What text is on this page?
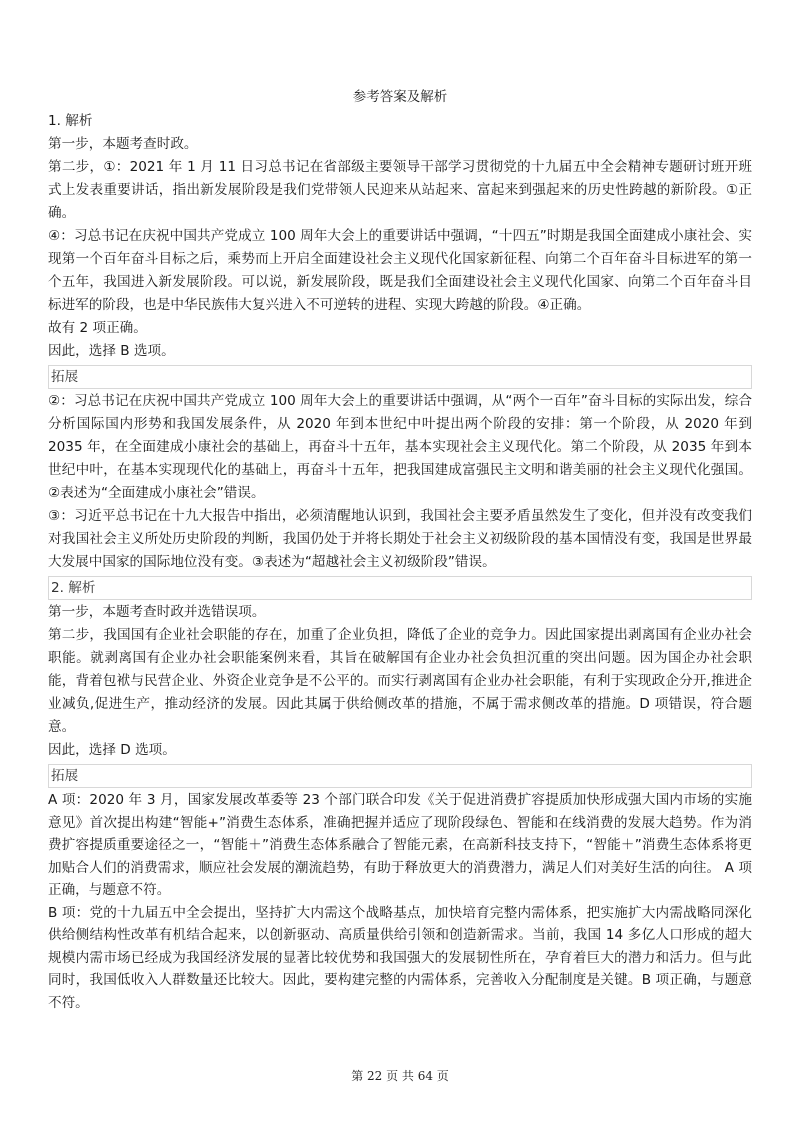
参考答案及解析

1. 解析

第一步，本题考查时政。

第二步，①：2021 年 1 月 11 日习总书记在省部级主要领导干部学习贯彻党的十九届五中全会精神专题研讨班开班式上发表重要讲话，指出新发展阶段是我们党带领人民迎来从站起来、富起来到强起来的历史性跨越的新阶段。①正确。

④：习总书记在庆祝中国共产党成立 100 周年大会上的重要讲话中强调，“十四五”时期是我国全面建成小康社会、实现第一个百年奋斗目标之后，乘势而上开启全面建设社会主义现代化国家新征程、向第二个百年奋斗目标进军的第一个五年，我国进入新发展阶段。可以说，新发展阶段，既是我们全面建设社会主义现代化国家、向第二个百年奋斗目标进军的阶段，也是中华民族伟大复兴进入不可逆转的进程、实现大跨越的阶段。④正确。

故有 2 项正确。

因此，选择 B 选项。

拓展

②：习总书记在庆祝中国共产党成立 100 周年大会上的重要讲话中强调，从“两个一百年”奋斗目标的实际出发，综合分析国际国内形势和我国发展条件，从 2020 年到本世纪中叶提出两个阶段的安排：第一个阶段，从 2020 年到 2035 年，在全面建成小康社会的基础上，再奋斗十五年，基本实现社会主义现代化。第二个阶段，从 2035 年到本世纪中叶，在基本实现现代化的基础上，再奋斗十五年，把我国建成富强民主文明和谐美丽的社会主义现代化强国。②表述为“全面建成小康社会”错误。

③：习近平总书记在十九大报告中指出，必须清醒地认识到，我国社会主要矛盾虽然发生了变化，但并没有改变我们对我国社会主义所处历史阶段的判断，我国仍处于并将长期处于社会主义初级阶段的基本国情没有变，我国是世界最大发展中国家的国际地位没有变。③表述为“超越社会主义初级阶段”错误。

2. 解析

第一步，本题考查时政并选错误项。

第二步，我国国有企业社会职能的存在，加重了企业负担，降低了企业的竞争力。因此国家提出剥离国有企业办社会职能。就剥离国有企业办社会职能案例来看，其旨在破解国有企业办社会负担沉重的突出问题。因为国企办社会职能，背着包袱与民营企业、外资企业竞争是不公平的。而实行剥离国有企业办社会职能，有利于实现政企分开,推进企业减负,促进生产，推动经济的发展。因此其属于供给侧改革的措施，不属于需求侧改革的措施。D 项错误，符合题意。

因此，选择 D 选项。

拓展

A 项：2020 年 3 月，国家发展改革委等 23 个部门联合印发《关于促进消费扩容提质加快形成强大国内市场的实施意见》首次提出构建“智能+”消费生态体系，准确把握并适应了现阶段绿色、智能和在线消费的发展大趋势。作为消费扩容提质重要途径之一，“智能＋”消费生态体系融合了智能元素，在高新科技支持下，“智能＋”消费生态体系将更加贴合人们的消费需求，顺应社会发展的潮流趋势，有助于释放更大的消费潜力，满足人们对美好生活的向往。 A 项正确，与题意不符。

B 项：党的十九届五中全会提出，坚持扩大内需这个战略基点，加快培育完整内需体系，把实施扩大内需战略同深化供给侧结构性改革有机结合起来，以创新驱动、高质量供给引领和创造新需求。当前，我国 14 多亿人口形成的超大规模内需市场已经成为我国经济发展的显著比较优势和我国强大的发展韧性所在，孕育着巨大的潜力和活力。但与此同时，我国低收入人群数量还比较大。因此，要构建完整的内需体系，完善收入分配制度是关键。B 项正确，与题意不符。

第 22 页 共 64 页
